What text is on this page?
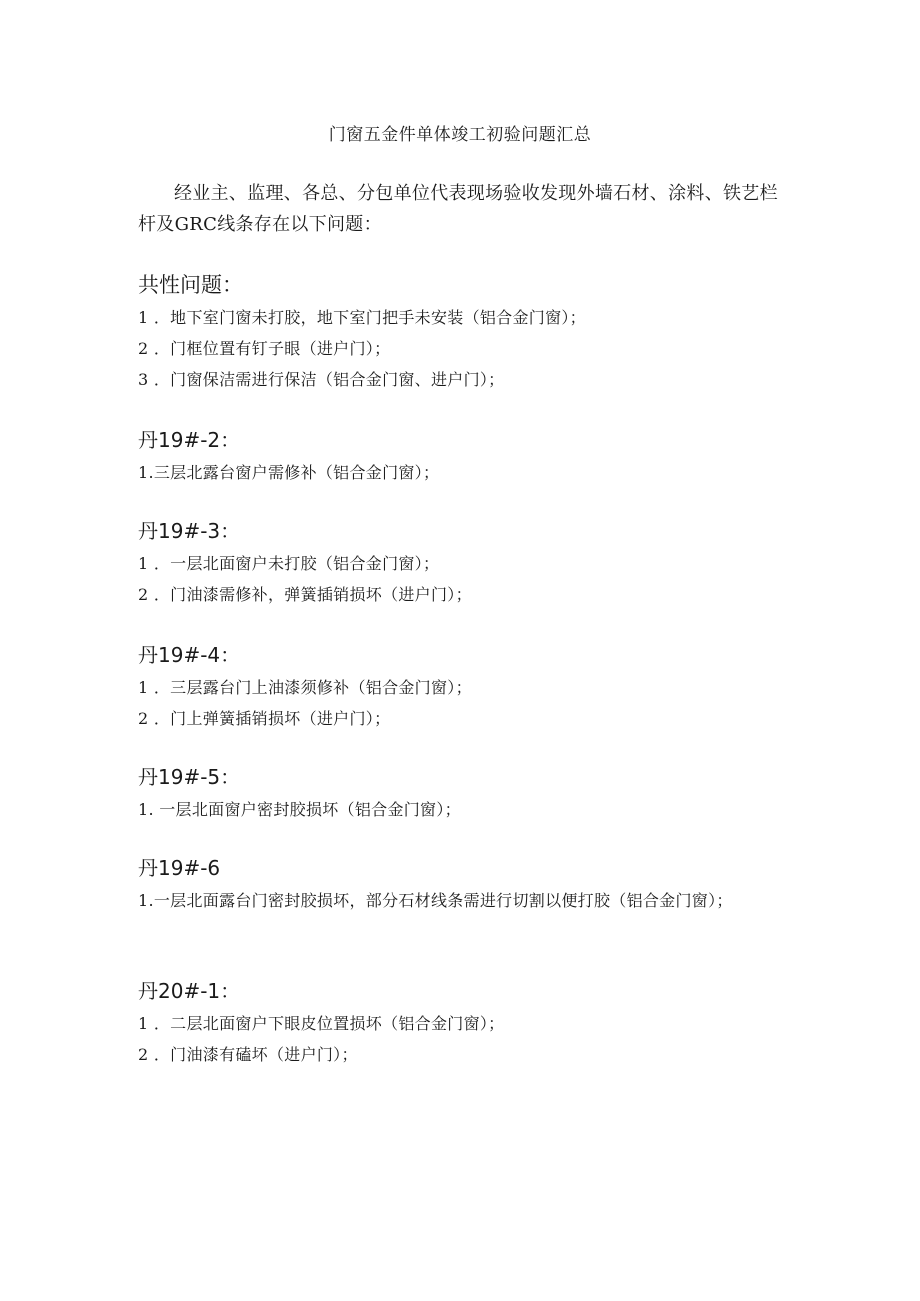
门窗五金件单体竣工初验问题汇总
经业主、监理、各总、分包单位代表现场验收发现外墙石材、涂料、铁艺栏杆及GRC线条存在以下问题：
共性问题：
1 ．地下室门窗未打胶，地下室门把手未安装（铝合金门窗）；
2 ．门框位置有钉子眼（进户门）；
3 ．门窗保洁需进行保洁（铝合金门窗、进户门）；
丹19#-2：
1.三层北露台窗户需修补（铝合金门窗）；
丹19#-3：
1 ．一层北面窗户未打胶（铝合金门窗）；
2 ．门油漆需修补，弹簧插销损坏（进户门）；
丹19#-4：
1 ．三层露台门上油漆须修补（铝合金门窗）；
2 ．门上弹簧插销损坏（进户门）；
丹19#-5：
1. 一层北面窗户密封胶损坏（铝合金门窗）；
丹19#-6
1.一层北面露台门密封胶损坏，部分石材线条需进行切割以便打胶（铝合金门窗）；
丹20#-1：
1 ．二层北面窗户下眼皮位置损坏（铝合金门窗）；
2 ．门油漆有磕坏（进户门）；
